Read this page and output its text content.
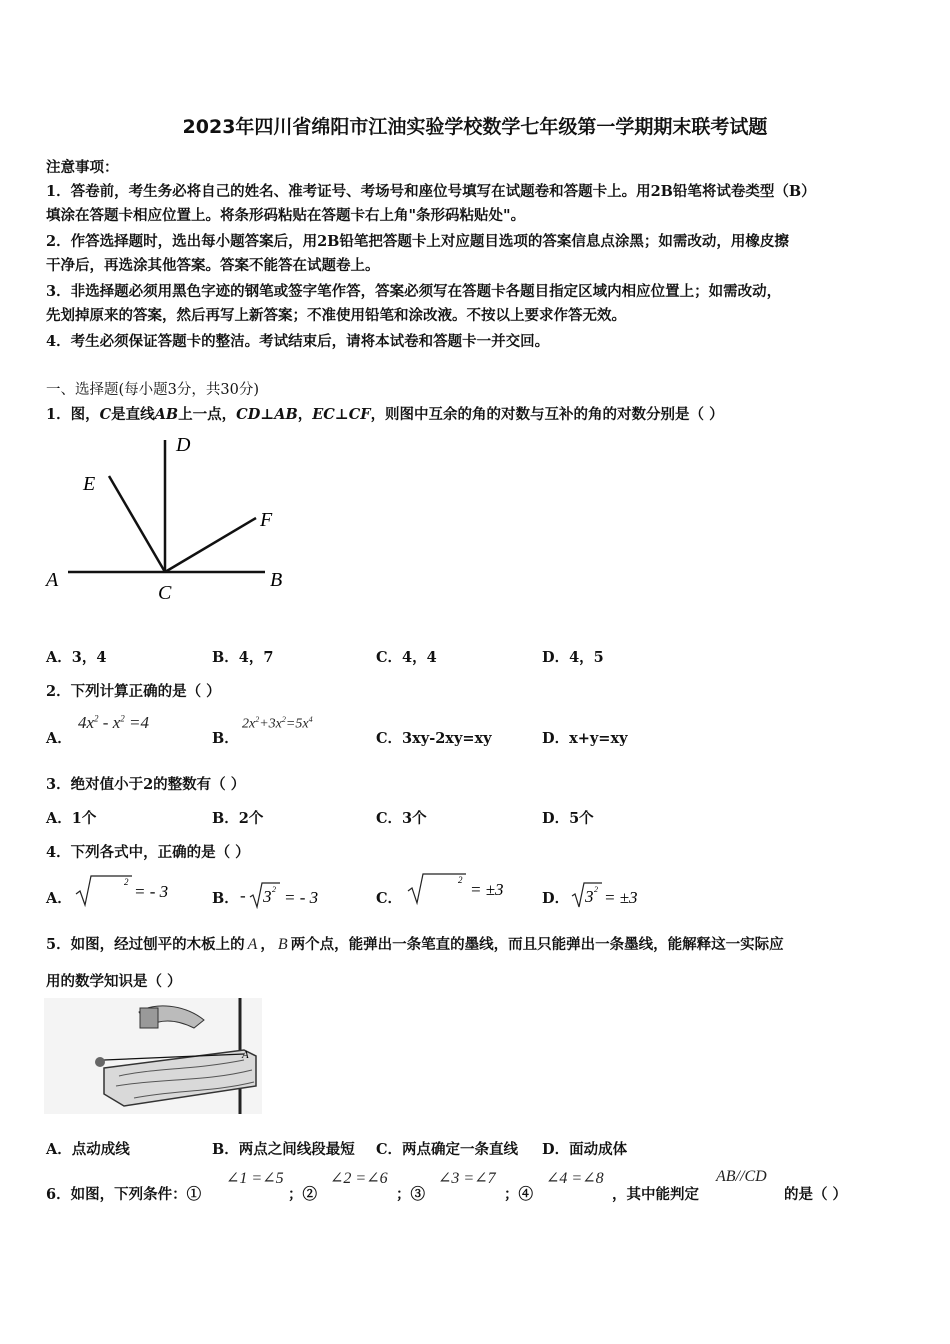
2023年四川省绵阳市江油实验学校数学七年级第一学期期末联考试题
注意事项：
1．答卷前，考生务必将自己的姓名、准考证号、考场号和座位号填写在试题卷和答题卡上。用2B铅笔将试卷类型（B）
填涂在答题卡相应位置上。将条形码粘贴在答题卡右上角"条形码粘贴处"。
2．作答选择题时，选出每小题答案后，用2B铅笔把答题卡上对应题目选项的答案信息点涂黑；如需改动，用橡皮擦
干净后，再选涂其他答案。答案不能答在试题卷上。
3．非选择题必须用黑色字迹的钢笔或签字笔作答，答案必须写在答题卡各题目指定区域内相应位置上；如需改动，
先划掉原来的答案，然后再写上新答案；不准使用铅笔和涂改液。不按以上要求作答无效。
4．考生必须保证答题卡的整洁。考试结束后，请将本试卷和答题卡一并交回。
一、选择题(每小题3分，共30分)
1．图，C是直线AB上一点，CD⊥AB，EC⊥CF，则图中互余的角的对数与互补的角的对数分别是（ ）
D
E
F
A	B
C
A．3，4	B．4，7	C．4，4	D．4，5
2．下列计算正确的是（ ）
A．
$4x^2 - x^2 =4$
B．
$2x^2+3x^2=5x^4$
C．3xy-2xy=xy	D．x+y=xy
3．绝对值小于2的整数有（ ）
A．1个	B．2个	C．3个	D．5个
4．下列各式中，正确的是（ ）
A．
2 = - 3	B． - 3 2 = - 3	C．
2 = ±3	D． 3 2 = ±3
5．如图，经过刨平的木板上的 A ， B 两个点，能弹出一条笔直的墨线，而且只能弹出一条墨线，能解释这一实际应
用的数学知识是（ ）
A
A．点动成线	B．两点之间线段最短 C．两点确定一条直线 D．面动成体
6．如图，下列条件：①
∠1 =∠5
；②
∠2 =∠6
；③
∠3 =∠7
；④
∠4 =∠8
，其中能判定
AB//CD
的是（ ）
